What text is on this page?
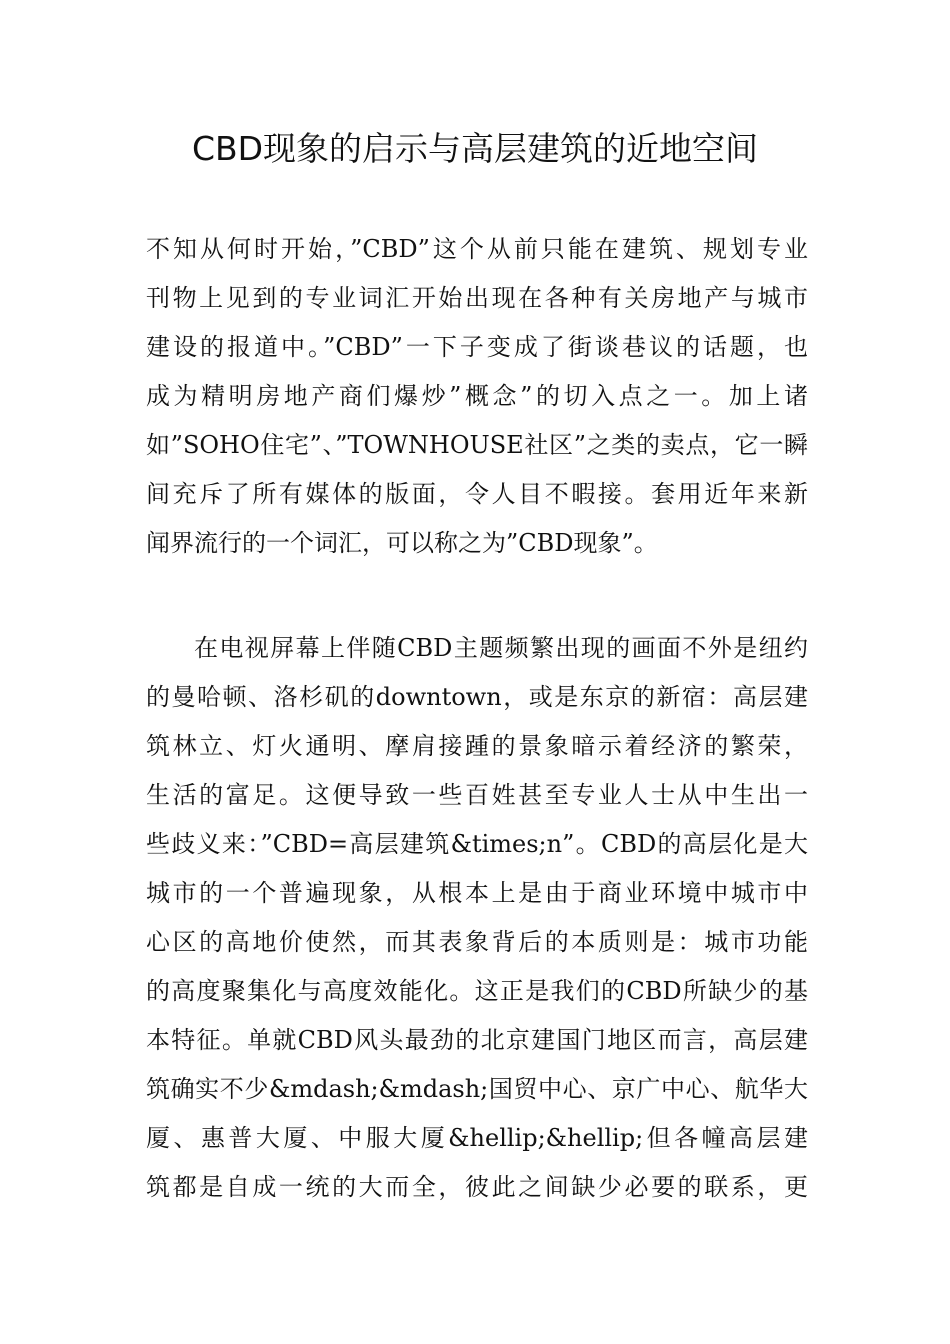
CBD现象的启示与高层建筑的近地空间
不知从何时开始，”CBD”这个从前只能在建筑、规划专业
刊物上见到的专业词汇开始出现在各种有关房地产与城市
建设的报道中。”CBD”一下子变成了街谈巷议的话题，也
成为精明房地产商们爆炒”概念”的切入点之一。加上诸
如”SOHO住宅”、”TOWNHOUSE社区”之类的卖点，它一瞬
间充斥了所有媒体的版面，令人目不暇接。套用近年来新
闻界流行的一个词汇，可以称之为”CBD现象”。
在电视屏幕上伴随CBD主题频繁出现的画面不外是纽约
的曼哈顿、洛杉矶的downtown，或是东京的新宿：高层建
筑林立、灯火通明、摩肩接踵的景象暗示着经济的繁荣，
生活的富足。这便导致一些百姓甚至专业人士从中生出一
些歧义来：”CBD=高层建筑&times;n”。CBD的高层化是大
城市的一个普遍现象，从根本上是由于商业环境中城市中
心区的高地价使然，而其表象背后的本质则是：城市功能
的高度聚集化与高度效能化。这正是我们的CBD所缺少的基
本特征。单就CBD风头最劲的北京建国门地区而言，高层建
筑确实不少&mdash;&mdash;国贸中心、京广中心、航华大
厦、惠普大厦、中服大厦&hellip;&hellip;但各幢高层建
筑都是自成一统的大而全，彼此之间缺少必要的联系，更
